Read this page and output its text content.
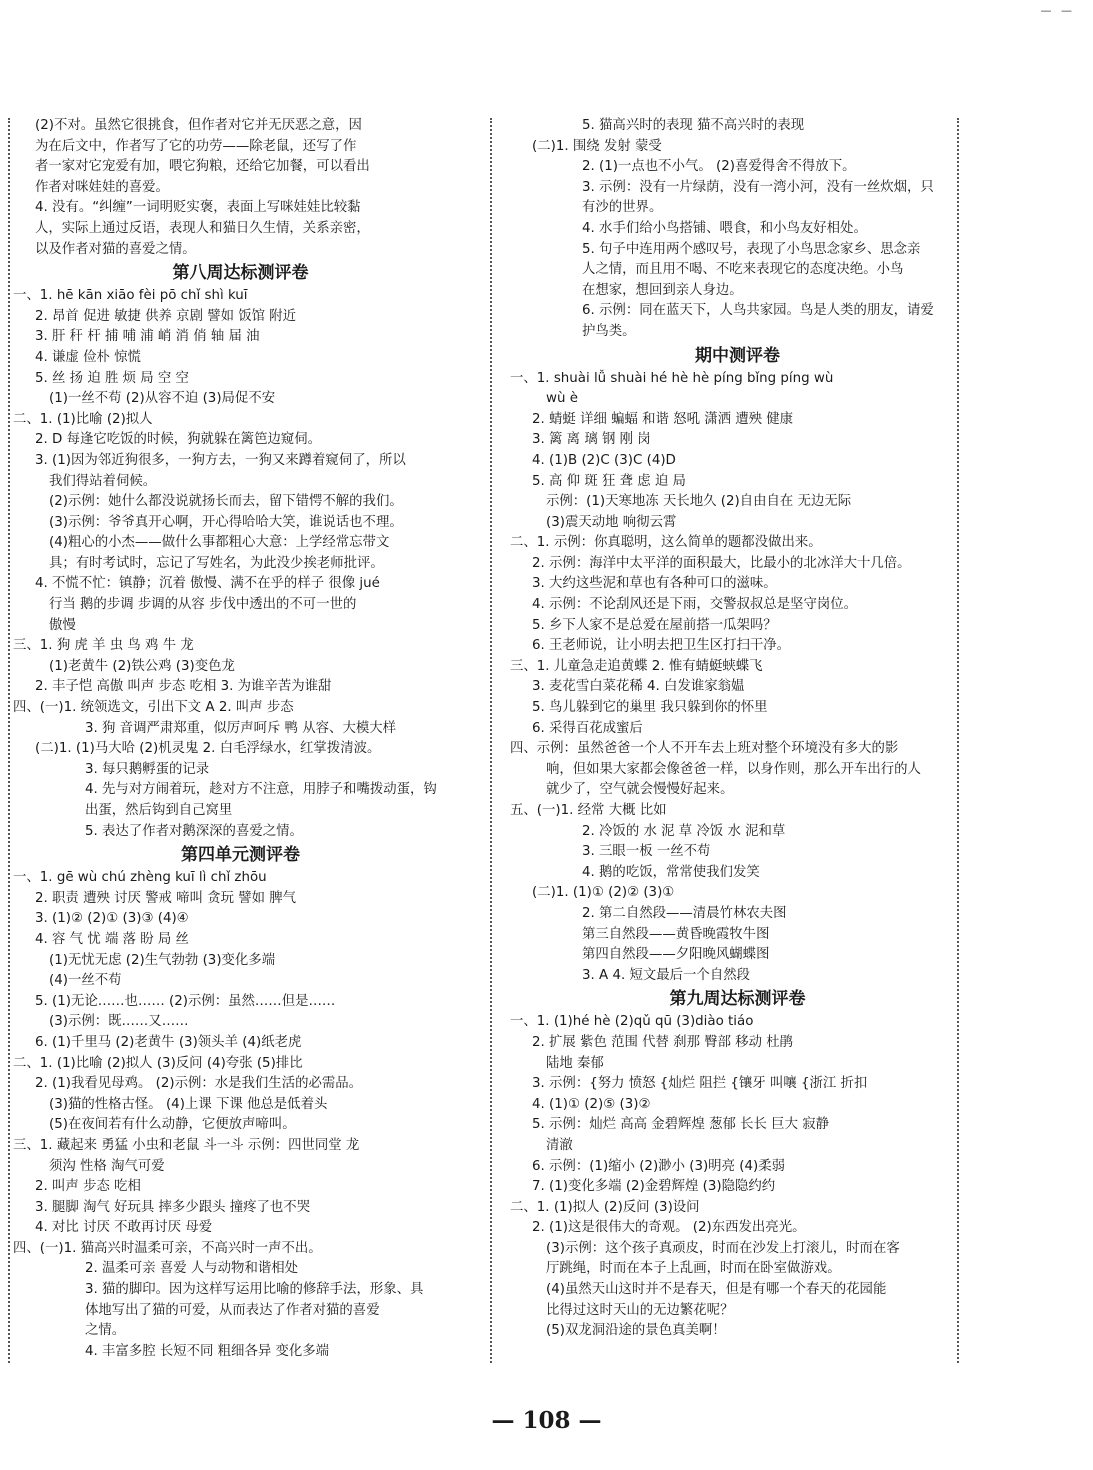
— —
(2)不对。虽然它很挑食，但作者对它并无厌恶之意，因
为在后文中，作者写了它的功劳——除老鼠，还写了作
者一家对它宠爱有加，喂它狗粮，还给它加餐，可以看出
作者对咪娃娃的喜爱。
4. 没有。“纠缠”一词明贬实褒，表面上写咪娃娃比较黏
人，实际上通过反语，表现人和猫日久生情，关系亲密，
以及作者对猫的喜爱之情。
第八周达标测评卷
一、1. hē kān xiāo fèi pō chǐ shì kuī
2. 昂首 促进 敏捷 供养 京剧 譬如 饭馆 附近
3. 肝 秆 杆 捕 哺 浦 峭 消 俏 轴 届 油
4. 谦虚 俭朴 惊慌
5. 丝 扬 迫 胜 烦 局 空 空
(1)一丝不苟 (2)从容不迫 (3)局促不安
二、1. (1)比喻 (2)拟人
2. D 每逢它吃饭的时候，狗就躲在篱笆边窥伺。
3. (1)因为邻近狗很多，一狗方去，一狗又来蹲着窥伺了，所以
我们得站着伺候。
(2)示例：她什么都没说就扬长而去，留下错愕不解的我们。
(3)示例：爷爷真开心啊，开心得哈哈大笑，谁说话也不理。
(4)粗心的小杰——做什么事都粗心大意：上学经常忘带文
具；有时考试时，忘记了写姓名，为此没少挨老师批评。
4. 不慌不忙：镇静；沉着 傲慢、满不在乎的样子 很像 jué
行当 鹅的步调 步调的从容 步伐中透出的不可一世的
傲慢
三、1. 狗 虎 羊 虫 鸟 鸡 牛 龙
(1)老黄牛 (2)铁公鸡 (3)变色龙
2. 丰子恺 高傲 叫声 步态 吃相 3. 为谁辛苦为谁甜
四、(一)1. 统领选文，引出下文 A 2. 叫声 步态
3. 狗 音调严肃郑重，似厉声呵斥 鸭 从容、大模大样
(二)1. (1)马大哈 (2)机灵鬼 2. 白毛浮绿水，红掌拨清波。
3. 每只鹅孵蛋的记录
4. 先与对方闹着玩，趁对方不注意，用脖子和嘴拨动蛋，钩
出蛋，然后钩到自己窝里
5. 表达了作者对鹅深深的喜爱之情。
第四单元测评卷
一、1. gē wù chú zhèng kuī lì chǐ zhōu
2. 职责 遭殃 讨厌 警戒 啼叫 贪玩 譬如 脾气
3. (1)② (2)① (3)③ (4)④
4. 容 气 忧 端 落 盼 局 丝
(1)无忧无虑 (2)生气勃勃 (3)变化多端
(4)一丝不苟
5. (1)无论……也…… (2)示例：虽然……但是……
(3)示例：既……又……
6. (1)千里马 (2)老黄牛 (3)领头羊 (4)纸老虎
二、1. (1)比喻 (2)拟人 (3)反问 (4)夸张 (5)排比
2. (1)我看见母鸡。 (2)示例：水是我们生活的必需品。
(3)猫的性格古怪。 (4)上课 下课 他总是低着头
(5)在夜间若有什么动静，它便放声啼叫。
三、1. 藏起来 勇猛 小虫和老鼠 斗一斗 示例：四世同堂 龙
须沟 性格 淘气可爱
2. 叫声 步态 吃相
3. 腿脚 淘气 好玩具 摔多少跟头 撞疼了也不哭
4. 对比 讨厌 不敢再讨厌 母爱
四、(一)1. 猫高兴时温柔可亲，不高兴时一声不出。
2. 温柔可亲 喜爱 人与动物和谐相处
3. 猫的脚印。因为这样写运用比喻的修辞手法，形象、具
体地写出了猫的可爱，从而表达了作者对猫的喜爱
之情。
4. 丰富多腔 长短不同 粗细各异 变化多端
5. 猫高兴时的表现 猫不高兴时的表现
(二)1. 围绕 发射 蒙受
2. (1)一点也不小气。 (2)喜爱得舍不得放下。
3. 示例：没有一片绿荫，没有一湾小河，没有一丝炊烟，只
有沙的世界。
4. 水手们给小鸟搭铺、喂食，和小鸟友好相处。
5. 句子中连用两个感叹号，表现了小鸟思念家乡、思念亲
人之情，而且用不喝、不吃来表现它的态度决绝。小鸟
在想家，想回到亲人身边。
6. 示例：同在蓝天下，人鸟共家园。鸟是人类的朋友，请爱
护鸟类。
期中测评卷
一、1. shuài lǚ shuài hé hè hè píng bǐng píng wù
wù è
2. 蜻蜓 详细 蝙蝠 和谐 怒吼 潇洒 遭殃 健康
3. 篱 离 璃 钢 刚 岗
4. (1)B (2)C (3)C (4)D
5. 高 仰 斑 狂 聋 虑 迫 局
示例：(1)天寒地冻 天长地久 (2)自由自在 无边无际
(3)震天动地 响彻云霄
二、1. 示例：你真聪明，这么简单的题都没做出来。
2. 示例：海洋中太平洋的面积最大，比最小的北冰洋大十几倍。
3. 大约这些泥和草也有各种可口的滋味。
4. 示例：不论刮风还是下雨，交警叔叔总是坚守岗位。
5. 乡下人家不是总爱在屋前搭一瓜架吗？
6. 王老师说，让小明去把卫生区打扫干净。
三、1. 儿童急走追黄蝶 2. 惟有蜻蜓蛱蝶飞
3. 麦花雪白菜花稀 4. 白发谁家翁媪
5. 鸟儿躲到它的巢里 我只躲到你的怀里
6. 采得百花成蜜后
四、示例：虽然爸爸一个人不开车去上班对整个环境没有多大的影
响，但如果大家都会像爸爸一样，以身作则，那么开车出行的人
就少了，空气就会慢慢好起来。
五、(一)1. 经常 大概 比如
2. 冷饭的 水 泥 草 冷饭 水 泥和草
3. 三眼一板 一丝不苟
4. 鹅的吃饭，常常使我们发笑
(二)1. (1)① (2)② (3)①
2. 第二自然段——清晨竹林农夫图
第三自然段——黄昏晚霞牧牛图
第四自然段——夕阳晚风蝴蝶图
3. A 4. 短文最后一个自然段
第九周达标测评卷
一、1. (1)hé hè (2)qǔ qū (3)diào tiáo
2. 扩展 紫色 范围 代替 刹那 臀部 移动 杜鹃
陆地 秦郁
3. 示例：{努力 愤怒 {灿烂 阻拦 {镶牙 叫嚷 {浙江 折扣
4. (1)① (2)⑤ (3)②
5. 示例：灿烂 高高 金碧辉煌 葱郁 长长 巨大 寂静
清澈
6. 示例：(1)缩小 (2)渺小 (3)明亮 (4)柔弱
7. (1)变化多端 (2)金碧辉煌 (3)隐隐约约
二、1. (1)拟人 (2)反问 (3)设问
2. (1)这是很伟大的奇观。 (2)东西发出亮光。
(3)示例：这个孩子真顽皮，时而在沙发上打滚儿，时而在客
厅跳绳，时而在本子上乱画，时而在卧室做游戏。
(4)虽然天山这时并不是春天，但是有哪一个春天的花园能
比得过这时天山的无边繁花呢？
(5)双龙洞沿途的景色真美啊！
— 108 —
